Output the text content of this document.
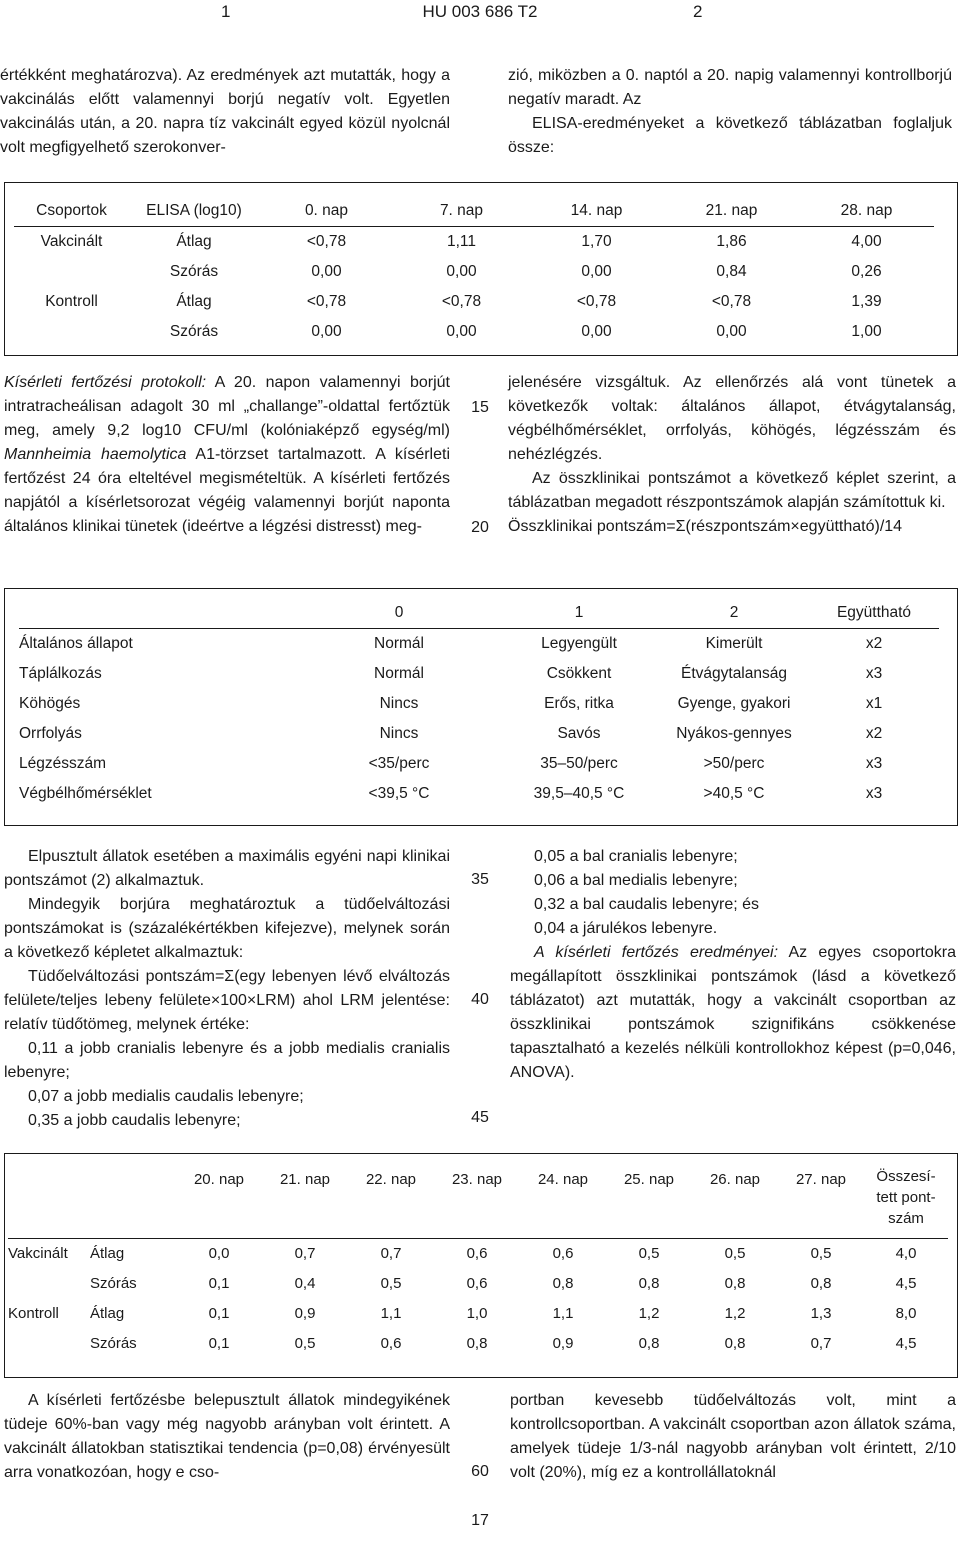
1	HU 003 686 T2	2

értékként meghatározva). Az eredmények azt mutatták, hogy a vakcinálás előtt valamennyi borjú negatív volt. Egyetlen vakcinálás után, a 20. napra tíz vakcinált egyed közül nyolcnál volt megfigyelhető szerokonver-

zió, miközben a 0. naptól a 20. napig valamennyi kontrollborjú negatív maradt. Az

ELISA-eredményeket a következő táblázatban foglaljuk össze:

Csoportok	ELISA (log10)	0. nap	7. nap	14. nap	21. nap	28. nap
Vakcinált	Átlag	<0,78	1,11	1,70	1,86	4,00
	Szórás	0,00	0,00	0,00	0,84	0,26
Kontroll	Átlag	<0,78	<0,78	<0,78	<0,78	1,39
	Szórás	0,00	0,00	0,00	0,00	1,00

Kísérleti fertőzési protokoll: A 20. napon valamennyi borjút intratracheálisan adagolt 30 ml „challange”-oldattal fertőztük meg, amely 9,2 log10 CFU/ml (kolóniaképző egység/ml) Mannheimia haemolytica A1-törzset tartalmazott. A kísérleti fertőzést 24 óra elteltével megismételtük. A kísérleti fertőzés napjától a kísérletsorozat végéig valamennyi borjút naponta általános klinikai tünetek (ideértve a légzési distresst) meg-

15
20

jelenésére vizsgáltuk. Az ellenőrzés alá vont tünetek a következők voltak: általános állapot, étvágytalanság, végbélhőmérséklet, orrfolyás, köhögés, légzésszám és nehézlégzés.

Az összklinikai pontszámot a következő képlet szerint, a táblázatban megadott részpontszámok alapján számítottuk ki.

Összklinikai pontszám=Σ(részpontszám×együttható)/14

	0	1	2	Együttható
Általános állapot	Normál	Legyengült	Kimerült	x2
Táplálkozás	Normál	Csökkent	Étvágytalanság	x3
Köhögés	Nincs	Erős, ritka	Gyenge, gyakori	x1
Orrfolyás	Nincs	Savós	Nyákos-gennyes	x2
Légzésszám	<35/perc	35–50/perc	>50/perc	x3
Végbélhőmérséklet	<39,5 °C	39,5–40,5 °C	>40,5 °C	x3

Elpusztult állatok esetében a maximális egyéni napi klinikai pontszámot (2) alkalmaztuk.

Mindegyik borjúra meghatároztuk a tüdőelváltozási pontszámokat is (százalékértékben kifejezve), melynek során a következő képletet alkalmaztuk:

Tüdőelváltozási pontszám=Σ(egy lebenyen lévő elváltozás felülete/teljes lebeny felülete×100×LRM) ahol LRM jelentése: relatív tüdőtömeg, melynek értéke:

0,11 a jobb cranialis lebenyre és a jobb medialis cranialis lebenyre;

0,07 a jobb medialis caudalis lebenyre;

0,35 a jobb caudalis lebenyre;

35
40
45

0,05 a bal cranialis lebenyre;

0,06 a bal medialis lebenyre;

0,32 a bal caudalis lebenyre; és

0,04 a járulékos lebenyre.

A kísérleti fertőzés eredményei: Az egyes csoportokra megállapított összklinikai pontszámok (lásd a következő táblázatot) azt mutatták, hogy a vakcinált csoportban az összklinikai pontszámok szignifikáns csökkenése tapasztalható a kezelés nélküli kontrollokhoz képest (p=0,046, ANOVA).

		20. nap	21. nap	22. nap	23. nap	24. nap	25. nap	26. nap	27. nap	Összesí-
tett pont-
szám

Vakcinált	Átlag	0,0	0,7	0,7	0,6	0,6	0,5	0,5	0,5	4,0
	Szórás	0,1	0,4	0,5	0,6	0,8	0,8	0,8	0,8	4,5
Kontroll	Átlag	0,1	0,9	1,1	1,0	1,1	1,2	1,2	1,3	8,0
	Szórás	0,1	0,5	0,6	0,8	0,9	0,8	0,8	0,7	4,5

A kísérleti fertőzésbe belepusztult állatok mindegyikének tüdeje 60%-ban vagy még nagyobb arányban volt érintett. A vakcinált állatokban statisztikai tendencia (p=0,08) érvényesült arra vonatkozóan, hogy e cso-	60

portban kevesebb tüdőelváltozás volt, mint a kontrollcsoportban. A vakcinált csoportban azon állatok száma, amelyek tüdeje 1/3-nál nagyobb arányban volt érintett, 2/10 volt (20%), míg ez a kontrollállatoknál

17
